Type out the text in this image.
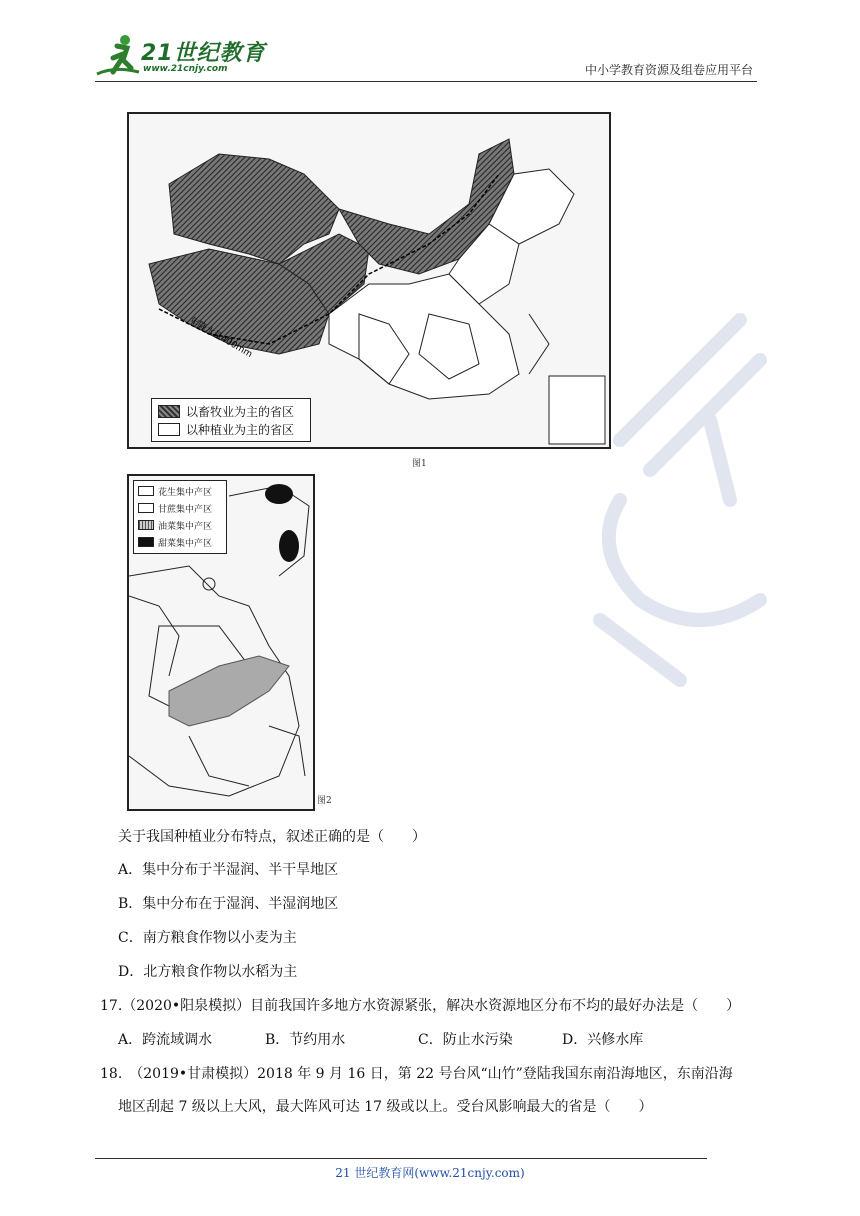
21世纪教育
www.21cnjy.com	中小学教育资源及组卷应用平台
年降水量400mm
以畜牧业为主的省区
以种植业为主的省区
图1
花生集中产区
甘蔗集中产区
油菜集中产区
甜菜集中产区
图2
关于我国种植业分布特点，叙述正确的是（　　）
A．集中分布于半湿润、半干旱地区
B．集中分布在于湿润、半湿润地区
C．南方粮食作物以小麦为主
D．北方粮食作物以水稻为主
17.（2020•阳泉模拟）目前我国许多地方水资源紧张，解决水资源地区分布不均的最好办法是（　　）
A．跨流域调水	B．节约用水	C．防止水污染	D．兴修水库
18.　（2019•甘肃模拟）2018 年 9 月 16 日，第 22 号台风“山竹”登陆我国东南沿海地区，东南沿海
地区刮起 7 级以上大风，最大阵风可达 17 级或以上。受台风影响最大的省是（　　）
21 世纪教育网(www.21cnjy.com)
